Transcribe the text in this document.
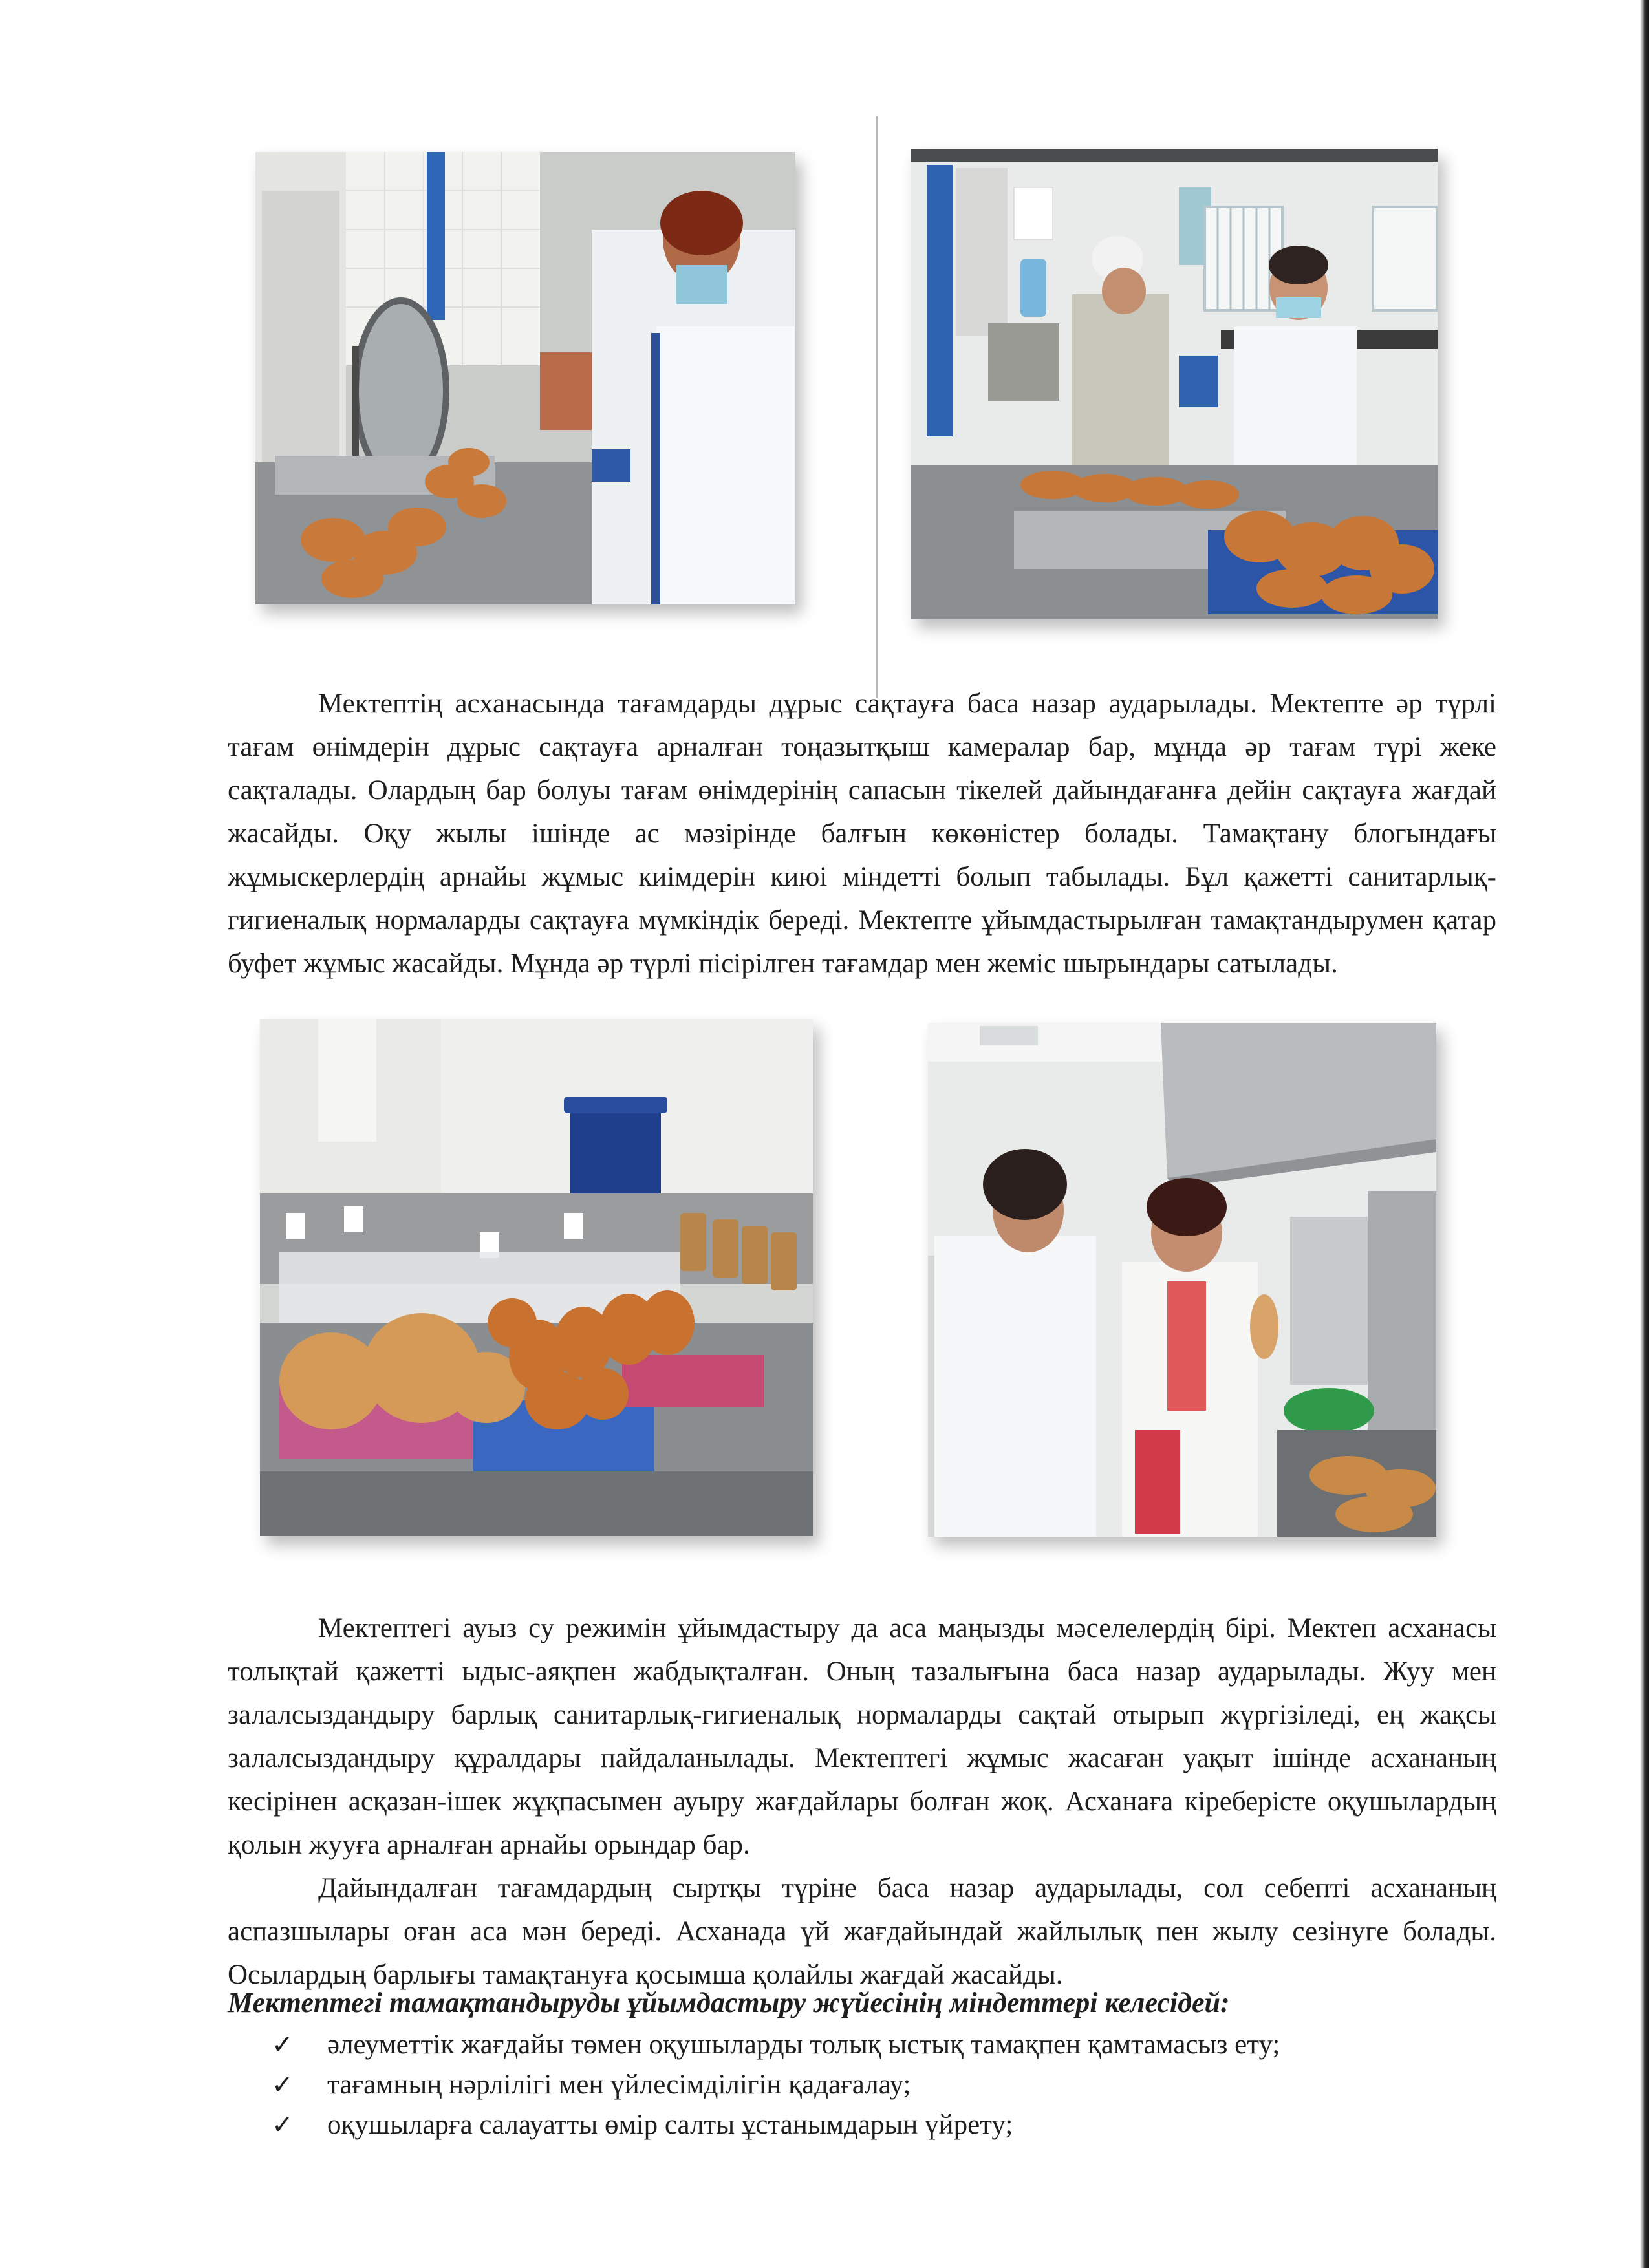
Мектептің асханасында тағамдарды дұрыс сақтауға баса назар аударылады. Мектепте әр түрлі тағам өнімдерін дұрыс сақтауға арналған тоңазытқыш камералар бар, мұнда әр тағам түрі жеке сақталады. Олардың бар болуы тағам өнімдерінің сапасын тікелей дайындағанға дейін сақтауға жағдай жасайды. Оқу жылы ішінде ас мәзірінде балғын көкөністер болады. Тамақтану блогындағы жұмыскерлердің арнайы жұмыс киімдерін киюі міндетті болып табылады. Бұл қажетті санитарлық-гигиеналық нормаларды сақтауға мүмкіндік береді. Мектепте ұйымдастырылған тамақтандырумен қатар буфет жұмыс жасайды. Мұнда әр түрлі пісірілген тағамдар мен жеміс шырындары сатылады.

Мектептегі ауыз су режимін ұйымдастыру да аса маңызды мәселелердің бірі. Мектеп асханасы толықтай қажетті ыдыс-аяқпен жабдықталған. Оның тазалығына баса назар аударылады. Жуу мен залалсыздандыру барлық санитарлық-гигиеналық нормаларды сақтай отырып жүргізіледі, ең жақсы залалсыздандыру құралдары пайдаланылады. Мектептегі жұмыс жасаған уақыт ішінде асхананың кесірінен асқазан-ішек жұқпасымен ауыру жағдайлары болған жоқ. Асханаға кіреберісте оқушылардың қолын жууға арналған арнайы орындар бар.

Дайындалған тағамдардың сыртқы түріне баса назар аударылады, сол себепті асхананың аспазшылары оған аса мән береді. Асханада үй жағдайындай жайлылық пен жылу сезінуге болады. Осылардың барлығы тамақтануға қосымша қолайлы жағдай жасайды.

Мектептегі тамақтандыруды ұйымдастыру жүйесінің міндеттері келесідей:

✓ әлеуметтік жағдайы төмен оқушыларды толық ыстық тамақпен қамтамасыз ету;
✓ тағамның нәрлілігі мен үйлесімділігін қадағалау;
✓ оқушыларға салауатты өмір салты ұстанымдарын үйрету;
